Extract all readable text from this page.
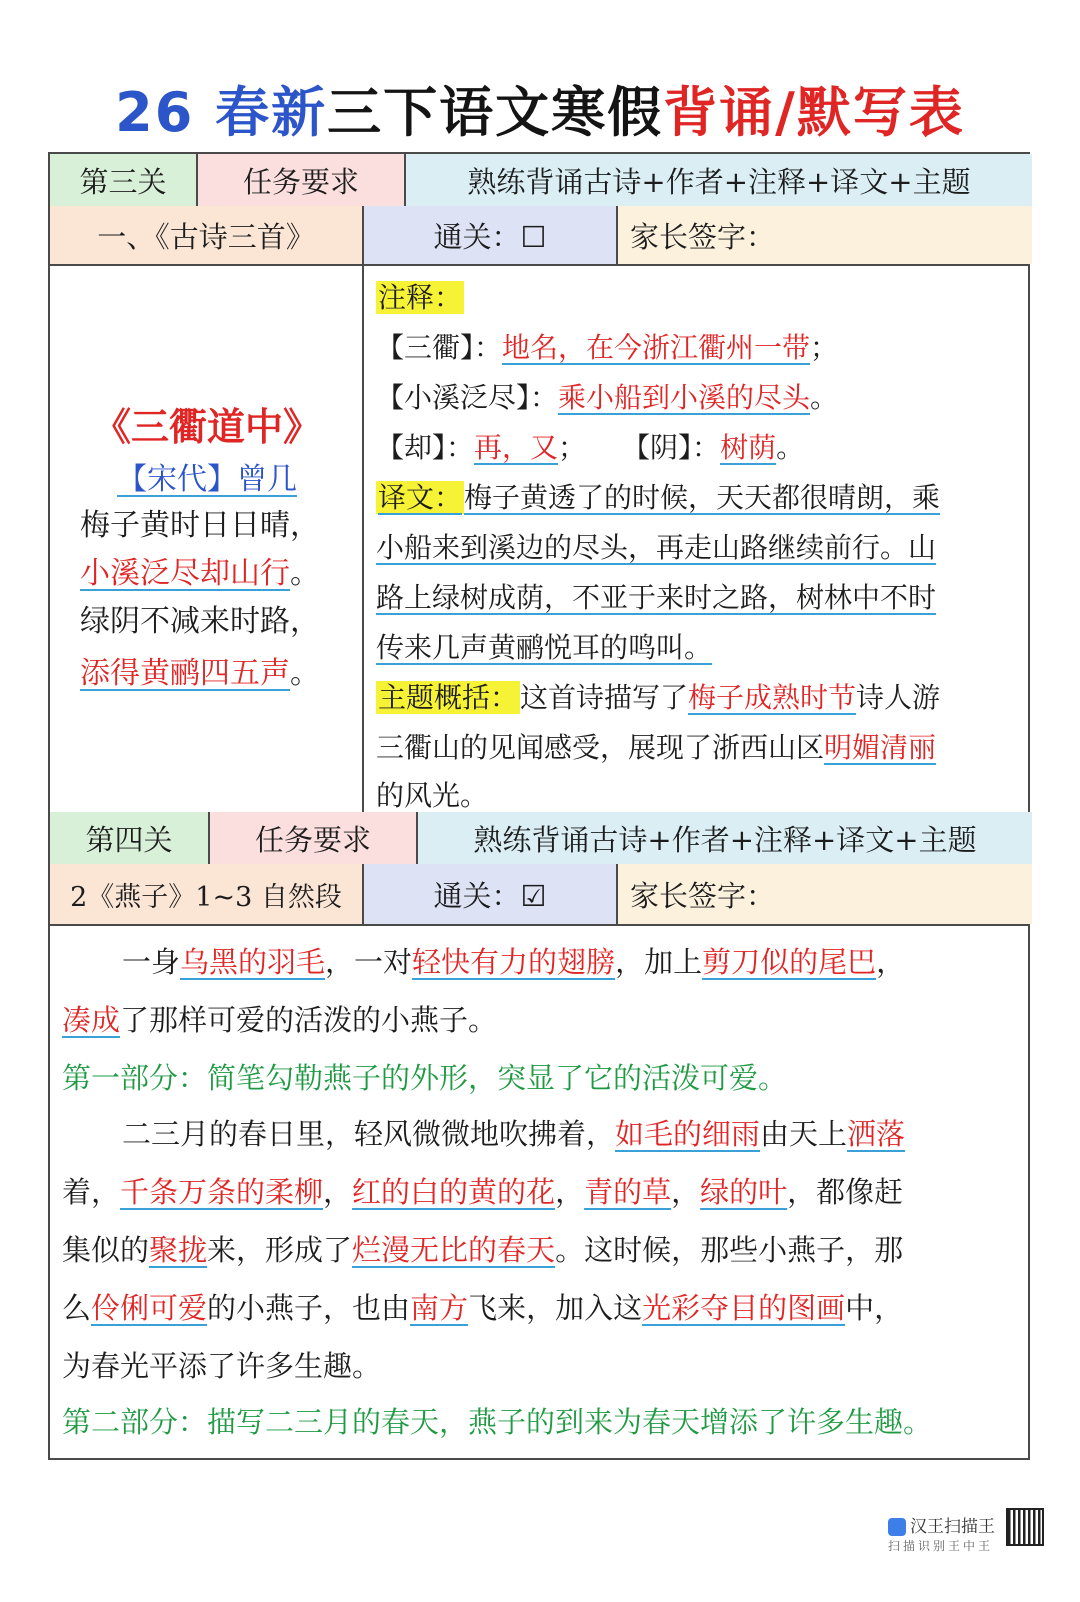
26 春新三下语文寒假背诵/默写表
第三关	任务要求	熟练背诵古诗+作者+注释+译文+主题
一、《古诗三首》	通关：☐	家长签字：
《三衢道中》
【宋代】曾几
梅子黄时日日晴，
小溪泛尽却山行。
绿阴不减来时路，
添得黄鹂四五声。
注释：
【三衢】：地名，在今浙江衢州一带；
【小溪泛尽】：乘小船到小溪的尽头。
【却】：再，又； 【阴】：树荫。
译文：梅子黄透了的时候，天天都很晴朗，乘
小船来到溪边的尽头，再走山路继续前行。山
路上绿树成荫，不亚于来时之路，树林中不时
传来几声黄鹂悦耳的鸣叫。
主题概括：这首诗描写了梅子成熟时节诗人游
三衢山的见闻感受，展现了浙西山区明媚清丽
的风光。
第四关	任务要求	熟练背诵古诗+作者+注释+译文+主题
2《燕子》1~3 自然段	通关：☑	家长签字：
一身乌黑的羽毛，一对轻快有力的翅膀，加上剪刀似的尾巴，
凑成了那样可爱的活泼的小燕子。
第一部分：简笔勾勒燕子的外形，突显了它的活泼可爱。
二三月的春日里，轻风微微地吹拂着，如毛的细雨由天上洒落
着，千条万条的柔柳，红的白的黄的花，青的草，绿的叶，都像赶
集似的聚拢来，形成了烂漫无比的春天。这时候，那些小燕子，那
么伶俐可爱的小燕子，也由南方飞来，加入这光彩夺目的图画中，
为春光平添了许多生趣。
第二部分：描写二三月的春天，燕子的到来为春天增添了许多生趣。
汉王扫描王
扫描识别王中王
